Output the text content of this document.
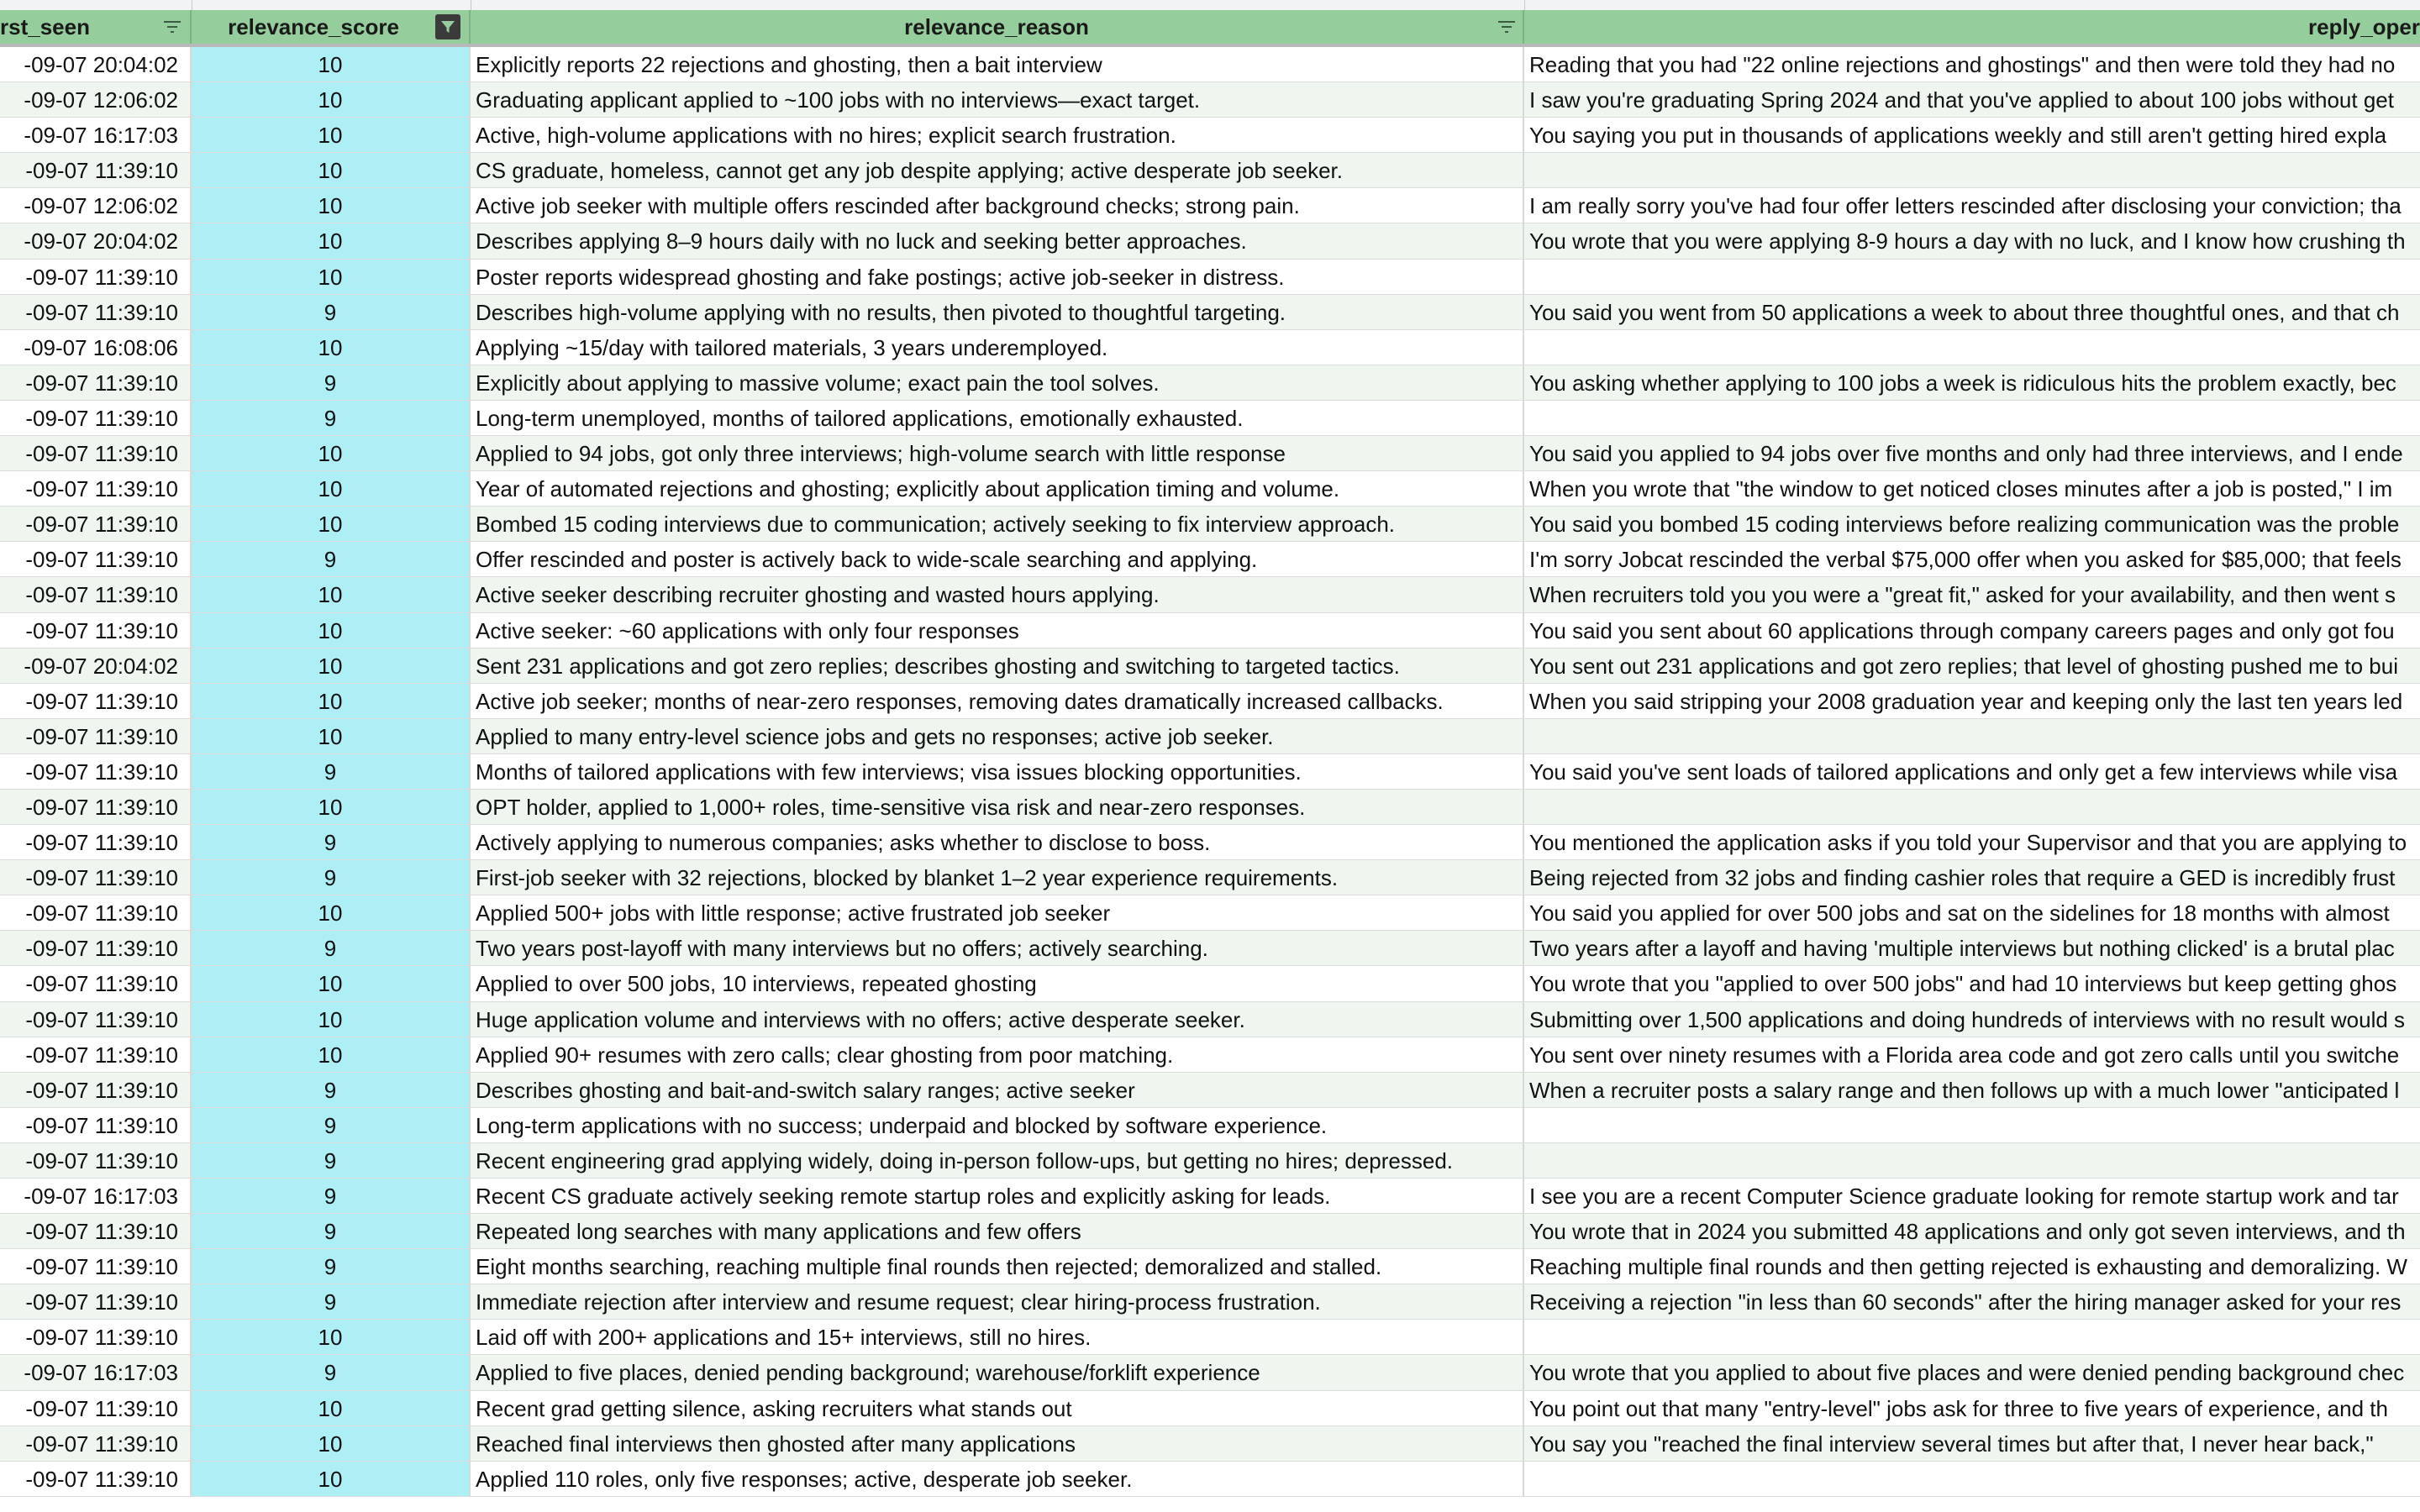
rst_seen	relevance_score	relevance_reason	reply_oper
-09-07 20:04:02	10	Explicitly reports 22 rejections and ghosting, then a bait interview	Reading that you had "22 online rejections and ghostings" and then were told they had no
-09-07 12:06:02	10	Graduating applicant applied to ~100 jobs with no interviews—exact target.	I saw you're graduating Spring 2024 and that you've applied to about 100 jobs without get
-09-07 16:17:03	10	Active, high-volume applications with no hires; explicit search frustration.	You saying you put in thousands of applications weekly and still aren't getting hired expla
-09-07 11:39:10	10	CS graduate, homeless, cannot get any job despite applying; active desperate job seeker.
-09-07 12:06:02	10	Active job seeker with multiple offers rescinded after background checks; strong pain.	I am really sorry you've had four offer letters rescinded after disclosing your conviction; tha
-09-07 20:04:02	10	Describes applying 8–9 hours daily with no luck and seeking better approaches.	You wrote that you were applying 8-9 hours a day with no luck, and I know how crushing th
-09-07 11:39:10	10	Poster reports widespread ghosting and fake postings; active job-seeker in distress.
-09-07 11:39:10	9	Describes high-volume applying with no results, then pivoted to thoughtful targeting.	You said you went from 50 applications a week to about three thoughtful ones, and that ch
-09-07 16:08:06	10	Applying ~15/day with tailored materials, 3 years underemployed.
-09-07 11:39:10	9	Explicitly about applying to massive volume; exact pain the tool solves.	You asking whether applying to 100 jobs a week is ridiculous hits the problem exactly, bec
-09-07 11:39:10	9	Long-term unemployed, months of tailored applications, emotionally exhausted.
-09-07 11:39:10	10	Applied to 94 jobs, got only three interviews; high-volume search with little response	You said you applied to 94 jobs over five months and only had three interviews, and I ende
-09-07 11:39:10	10	Year of automated rejections and ghosting; explicitly about application timing and volume.	When you wrote that "the window to get noticed closes minutes after a job is posted," I im
-09-07 11:39:10	10	Bombed 15 coding interviews due to communication; actively seeking to fix interview approach.	You said you bombed 15 coding interviews before realizing communication was the proble
-09-07 11:39:10	9	Offer rescinded and poster is actively back to wide-scale searching and applying.	I'm sorry Jobcat rescinded the verbal $75,000 offer when you asked for $85,000; that feels
-09-07 11:39:10	10	Active seeker describing recruiter ghosting and wasted hours applying.	When recruiters told you you were a "great fit," asked for your availability, and then went s
-09-07 11:39:10	10	Active seeker: ~60 applications with only four responses	You said you sent about 60 applications through company careers pages and only got fou
-09-07 20:04:02	10	Sent 231 applications and got zero replies; describes ghosting and switching to targeted tactics.	You sent out 231 applications and got zero replies; that level of ghosting pushed me to bui
-09-07 11:39:10	10	Active job seeker; months of near-zero responses, removing dates dramatically increased callbacks.	When you said stripping your 2008 graduation year and keeping only the last ten years led
-09-07 11:39:10	10	Applied to many entry-level science jobs and gets no responses; active job seeker.
-09-07 11:39:10	9	Months of tailored applications with few interviews; visa issues blocking opportunities.	You said you've sent loads of tailored applications and only get a few interviews while visa
-09-07 11:39:10	10	OPT holder, applied to 1,000+ roles, time-sensitive visa risk and near-zero responses.
-09-07 11:39:10	9	Actively applying to numerous companies; asks whether to disclose to boss.	You mentioned the application asks if you told your Supervisor and that you are applying to
-09-07 11:39:10	9	First-job seeker with 32 rejections, blocked by blanket 1–2 year experience requirements.	Being rejected from 32 jobs and finding cashier roles that require a GED is incredibly frust
-09-07 11:39:10	10	Applied 500+ jobs with little response; active frustrated job seeker	You said you applied for over 500 jobs and sat on the sidelines for 18 months with almost
-09-07 11:39:10	9	Two years post-layoff with many interviews but no offers; actively searching.	Two years after a layoff and having 'multiple interviews but nothing clicked' is a brutal plac
-09-07 11:39:10	10	Applied to over 500 jobs, 10 interviews, repeated ghosting	You wrote that you "applied to over 500 jobs" and had 10 interviews but keep getting ghos
-09-07 11:39:10	10	Huge application volume and interviews with no offers; active desperate seeker.	Submitting over 1,500 applications and doing hundreds of interviews with no result would s
-09-07 11:39:10	10	Applied 90+ resumes with zero calls; clear ghosting from poor matching.	You sent over ninety resumes with a Florida area code and got zero calls until you switche
-09-07 11:39:10	9	Describes ghosting and bait-and-switch salary ranges; active seeker	When a recruiter posts a salary range and then follows up with a much lower "anticipated l
-09-07 11:39:10	9	Long-term applications with no success; underpaid and blocked by software experience.
-09-07 11:39:10	9	Recent engineering grad applying widely, doing in-person follow-ups, but getting no hires; depressed.
-09-07 16:17:03	9	Recent CS graduate actively seeking remote startup roles and explicitly asking for leads.	I see you are a recent Computer Science graduate looking for remote startup work and tar
-09-07 11:39:10	9	Repeated long searches with many applications and few offers	You wrote that in 2024 you submitted 48 applications and only got seven interviews, and th
-09-07 11:39:10	9	Eight months searching, reaching multiple final rounds then rejected; demoralized and stalled.	Reaching multiple final rounds and then getting rejected is exhausting and demoralizing. W
-09-07 11:39:10	9	Immediate rejection after interview and resume request; clear hiring-process frustration.	Receiving a rejection "in less than 60 seconds" after the hiring manager asked for your res
-09-07 11:39:10	10	Laid off with 200+ applications and 15+ interviews, still no hires.
-09-07 16:17:03	9	Applied to five places, denied pending background; warehouse/forklift experience	You wrote that you applied to about five places and were denied pending background chec
-09-07 11:39:10	10	Recent grad getting silence, asking recruiters what stands out	You point out that many "entry-level" jobs ask for three to five years of experience, and th
-09-07 11:39:10	10	Reached final interviews then ghosted after many applications	You say you "reached the final interview several times but after that, I never hear back,"
-09-07 11:39:10	10	Applied 110 roles, only five responses; active, desperate job seeker.
